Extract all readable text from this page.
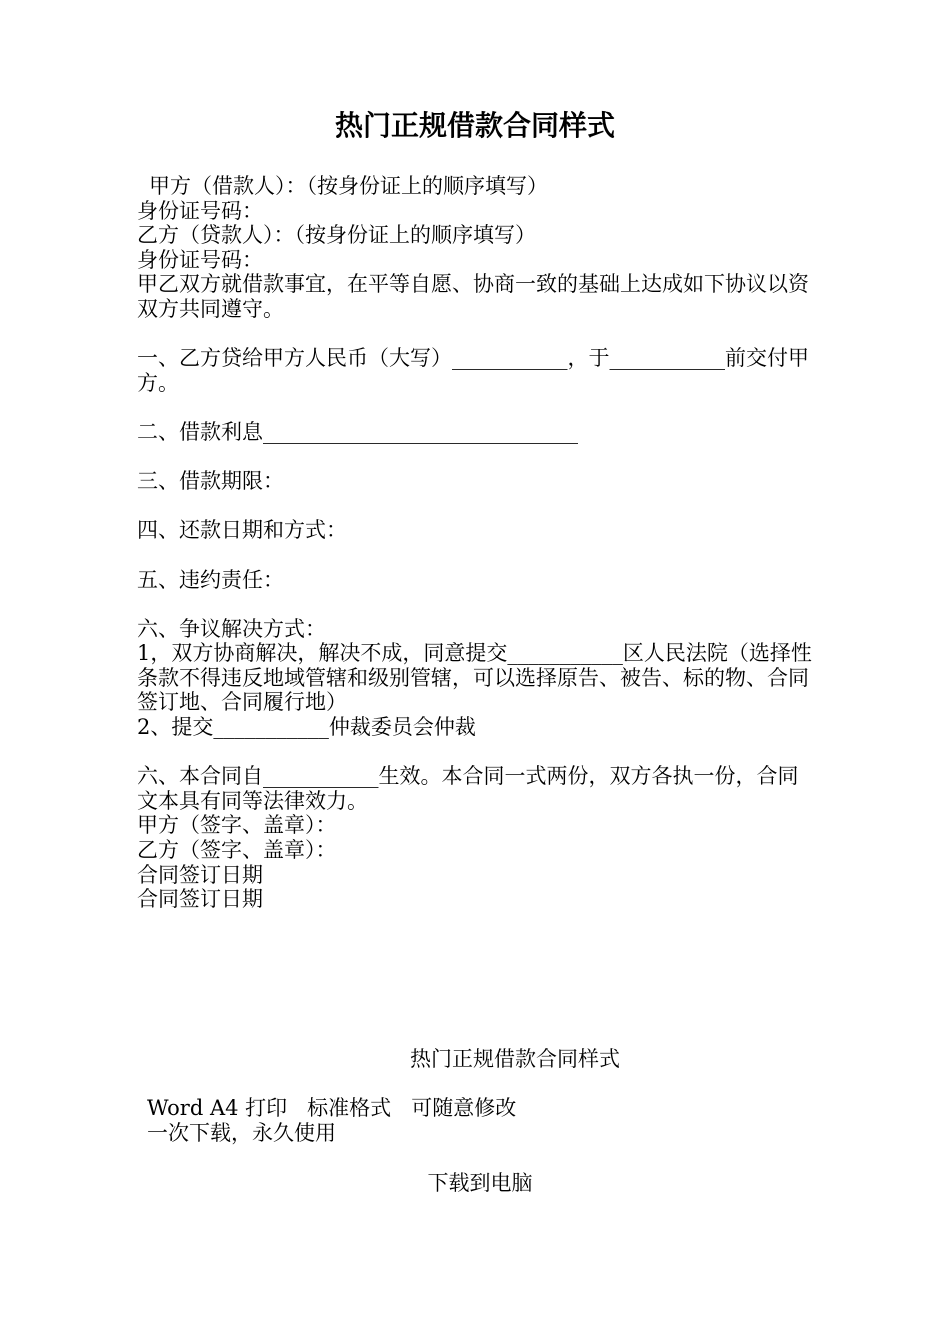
热门正规借款合同样式

甲方（借款人）：（按身份证上的顺序填写）

身份证号码：

乙方（贷款人）：（按身份证上的顺序填写）

身份证号码：

甲乙双方就借款事宜，在平等自愿、协商一致的基础上达成如下协议以资双方共同遵守。

一、乙方贷给甲方人民币（大写）___________，于___________前交付甲方。

二、借款利息______________________________

三、借款期限：

四、还款日期和方式：

五、违约责任：

六、争议解决方式：

1，双方协商解决，解决不成，同意提交___________区人民法院（选择性条款不得违反地域管辖和级别管辖，可以选择原告、被告、标的物、合同签订地、合同履行地）

2、提交___________仲裁委员会仲裁

六、本合同自___________生效。本合同一式两份，双方各执一份，合同文本具有同等法律效力。

甲方（签字、盖章）：

乙方（签字、盖章）：

合同签订日期

合同签订日期

热门正规借款合同样式

Word A4 打印   标准格式   可随意修改

一次下载，永久使用

下载到电脑
